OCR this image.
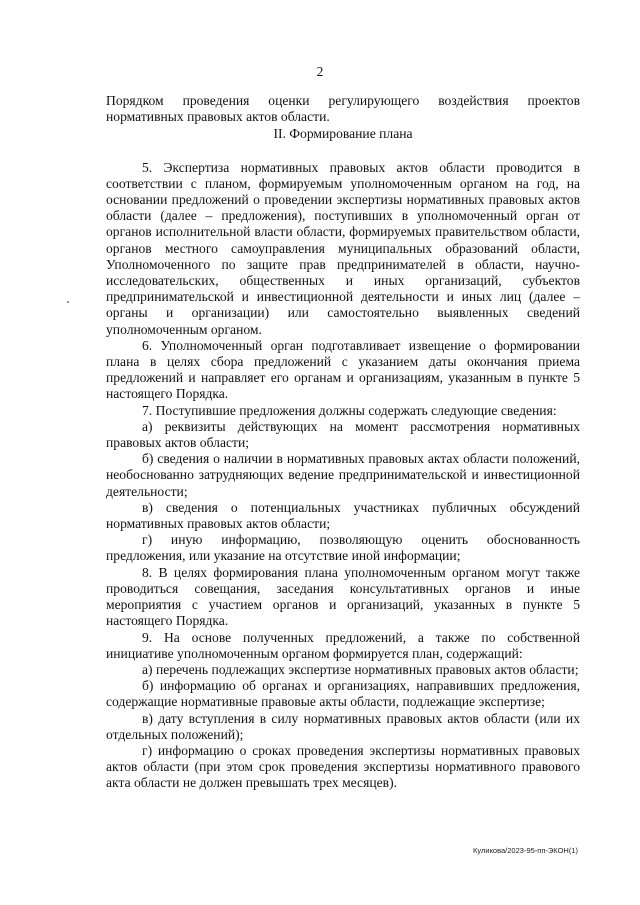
2

Порядком проведения оценки регулирующего воздействия проектов нормативных правовых актов области.

II. Формирование плана

5. Экспертиза нормативных правовых актов области проводится в соответствии с планом, формируемым уполномоченным органом на год, на основании предложений о проведении экспертизы нормативных правовых актов области (далее – предложения), поступивших в уполномоченный орган от органов исполнительной власти области, формируемых правительством области, органов местного самоуправления муниципальных образований области, Уполномоченного по защите прав предпринимателей в области, научно-исследовательских, общественных и иных организаций, субъектов предпринимательской и инвестиционной деятельности и иных лиц (далее – органы и организации) или самостоятельно выявленных сведений уполномоченным органом.

6. Уполномоченный орган подготавливает извещение о формировании плана в целях сбора предложений с указанием даты окончания приема предложений и направляет его органам и организациям, указанным в пункте 5 настоящего Порядка.

7. Поступившие предложения должны содержать следующие сведения:

а) реквизиты действующих на момент рассмотрения нормативных правовых актов области;

б) сведения о наличии в нормативных правовых актах области положений, необоснованно затрудняющих ведение предпринимательской и инвестиционной деятельности;

в) сведения о потенциальных участниках публичных обсуждений нормативных правовых актов области;

г) иную информацию, позволяющую оценить обоснованность предложения, или указание на отсутствие иной информации;

8. В целях формирования плана уполномоченным органом могут также проводиться совещания, заседания консультативных органов и иные мероприятия с участием органов и организаций, указанных в пункте 5 настоящего Порядка.

9. На основе полученных предложений, а также по собственной инициативе уполномоченным органом формируется план, содержащий:

а) перечень подлежащих экспертизе нормативных правовых актов области;

б) информацию об органах и организациях, направивших предложения, содержащие нормативные правовые акты области, подлежащие экспертизе;

в) дату вступления в силу нормативных правовых актов области (или их отдельных положений);

г) информацию о сроках проведения экспертизы нормативных правовых актов области (при этом срок проведения экспертизы нормативного правового акта области не должен превышать трех месяцев).

Куликова/2023-95-пп-ЭКОН(1)
